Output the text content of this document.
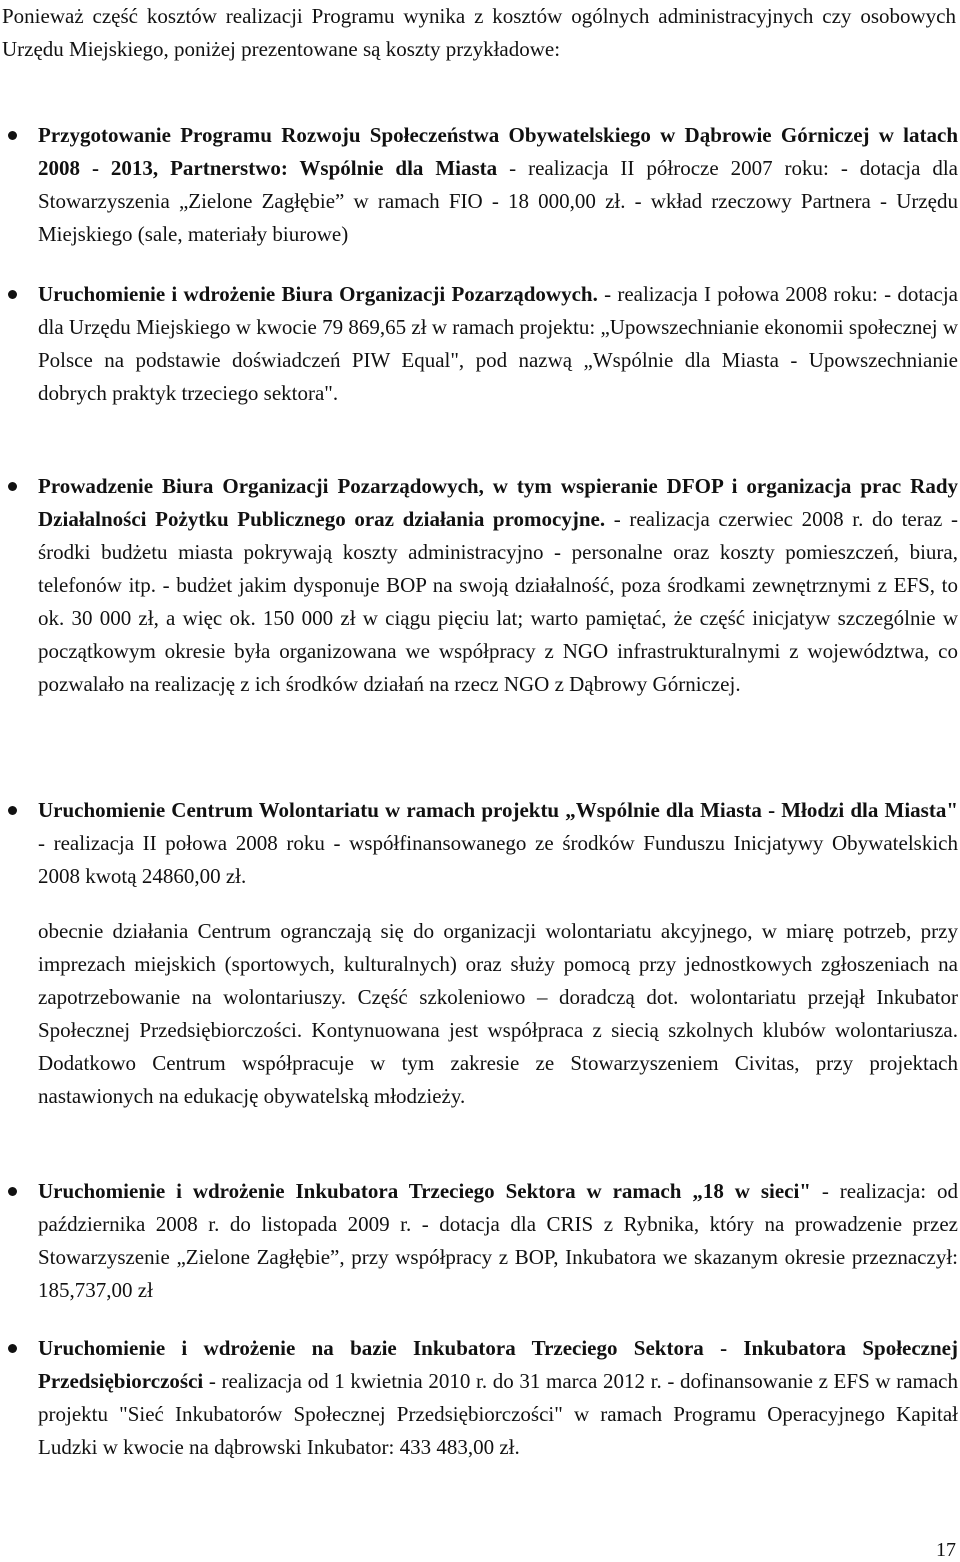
Ponieważ część kosztów realizacji Programu wynika z kosztów ogólnych administracyjnych czy osobowych Urzędu Miejskiego, poniżej prezentowane są koszty przykładowe:

Przygotowanie Programu Rozwoju Społeczeństwa Obywatelskiego w Dąbrowie Górniczej w latach 2008 - 2013, Partnerstwo: Wspólnie dla Miasta - realizacja II półrocze 2007 roku: - dotacja dla Stowarzyszenia „Zielone Zagłębie” w ramach FIO - 18 000,00 zł. - wkład rzeczowy Partnera - Urzędu Miejskiego (sale, materiały biurowe)

Uruchomienie i wdrożenie Biura Organizacji Pozarządowych. - realizacja I połowa 2008 roku: - dotacja dla Urzędu Miejskiego w kwocie 79 869,65 zł w ramach projektu: „Upowszechnianie ekonomii społecznej w Polsce na podstawie doświadczeń PIW Equal", pod nazwą „Wspólnie dla Miasta - Upowszechnianie dobrych praktyk trzeciego sektora".

Prowadzenie Biura Organizacji Pozarządowych, w tym wspieranie DFOP i organizacja prac Rady Działalności Pożytku Publicznego oraz działania promocyjne. - realizacja czerwiec 2008 r. do teraz - środki budżetu miasta pokrywają koszty administracyjno - personalne oraz koszty pomieszczeń, biura, telefonów itp. - budżet jakim dysponuje BOP na swoją działalność, poza środkami zewnętrznymi z EFS, to ok. 30 000 zł, a więc ok. 150 000 zł w ciągu pięciu lat; warto pamiętać, że część inicjatyw szczególnie w początkowym okresie była organizowana we współpracy z NGO infrastrukturalnymi z województwa, co pozwalało na realizację z ich środków działań na rzecz NGO z Dąbrowy Górniczej.

Uruchomienie Centrum Wolontariatu w ramach projektu „Wspólnie dla Miasta - Młodzi dla Miasta" - realizacja II połowa 2008 roku - współfinansowanego ze środków Funduszu Inicjatywy Obywatelskich 2008 kwotą 24860,00 zł.

obecnie działania Centrum ogranczają się do organizacji wolontariatu akcyjnego, w miarę potrzeb, przy imprezach miejskich (sportowych, kulturalnych) oraz służy pomocą przy jednostkowych zgłoszeniach na zapotrzebowanie na wolontariuszy. Część szkoleniowo – doradczą dot. wolontariatu przejął Inkubator Społecznej Przedsiębiorczości. Kontynuowana jest współpraca z siecią szkolnych klubów wolontariusza. Dodatkowo Centrum współpracuje w tym zakresie ze Stowarzyszeniem Civitas, przy projektach nastawionych na edukację obywatelską młodzieży.

Uruchomienie i wdrożenie Inkubatora Trzeciego Sektora w ramach „18 w sieci" - realizacja: od października 2008 r. do listopada 2009 r. - dotacja dla CRIS z Rybnika, który na prowadzenie przez Stowarzyszenie „Zielone Zagłębie”, przy współpracy z BOP, Inkubatora we skazanym okresie przeznaczył: 185,737,00 zł

Uruchomienie i wdrożenie na bazie Inkubatora Trzeciego Sektora - Inkubatora Społecznej Przedsiębiorczości - realizacja od 1 kwietnia 2010 r. do 31 marca 2012 r. - dofinansowanie z EFS w ramach projektu "Sieć Inkubatorów Społecznej Przedsiębiorczości" w ramach Programu Operacyjnego Kapitał Ludzki w kwocie na dąbrowski Inkubator: 433 483,00 zł.

17
